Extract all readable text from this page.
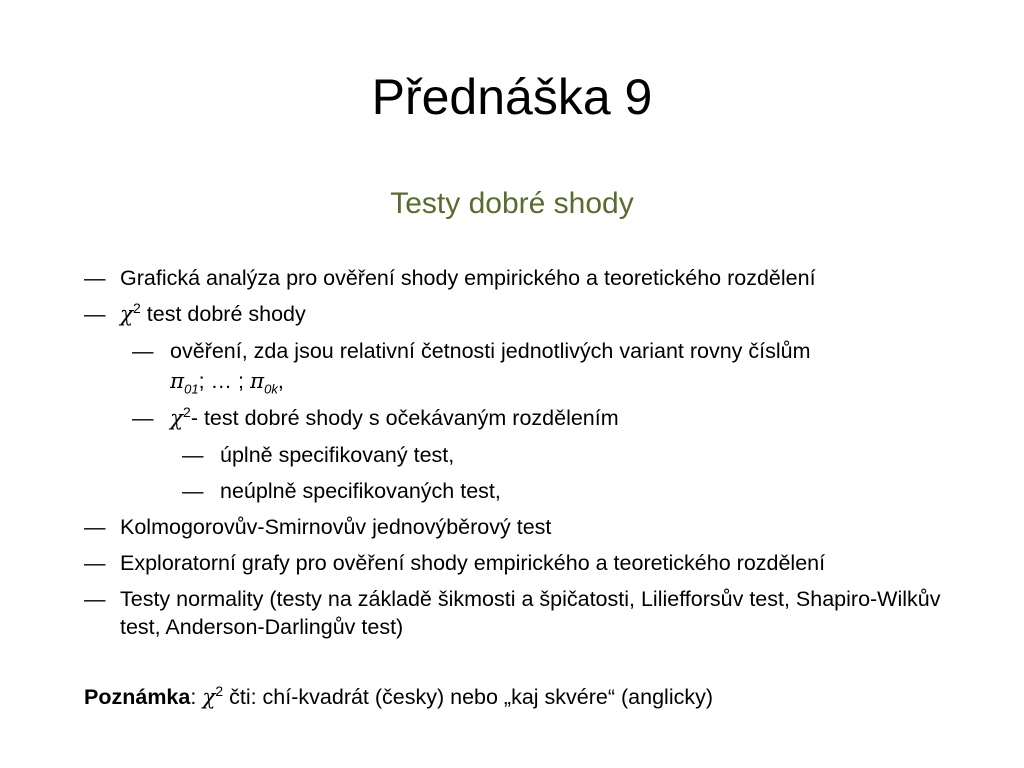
Přednáška 9
Testy dobré shody
— Grafická analýza pro ověření shody empirického a teoretického rozdělení
— $\chi^2$ test dobré shody
— ověření, zda jsou relativní četnosti jednotlivých variant rovny číslům
$\pi_{01}$; … ; $\pi_{0k}$,
— $\chi^2-$ test dobré shody s očekávaným rozdělením
— úplně specifikovaný test,
— neúplně specifikovaných test,
— Kolmogorovův-Smirnovův jednovýběrový test
— Exploratorní grafy pro ověření shody empirického a teoretického rozdělení
— Testy normality (testy na základě šikmosti a špičatosti, Liliefforsův test, Shapiro-Wilkův test, Anderson-Darlingův test)
Poznámka: $\chi^2$ čti: chí-kvadrát (česky) nebo „kaj skvére“ (anglicky)
